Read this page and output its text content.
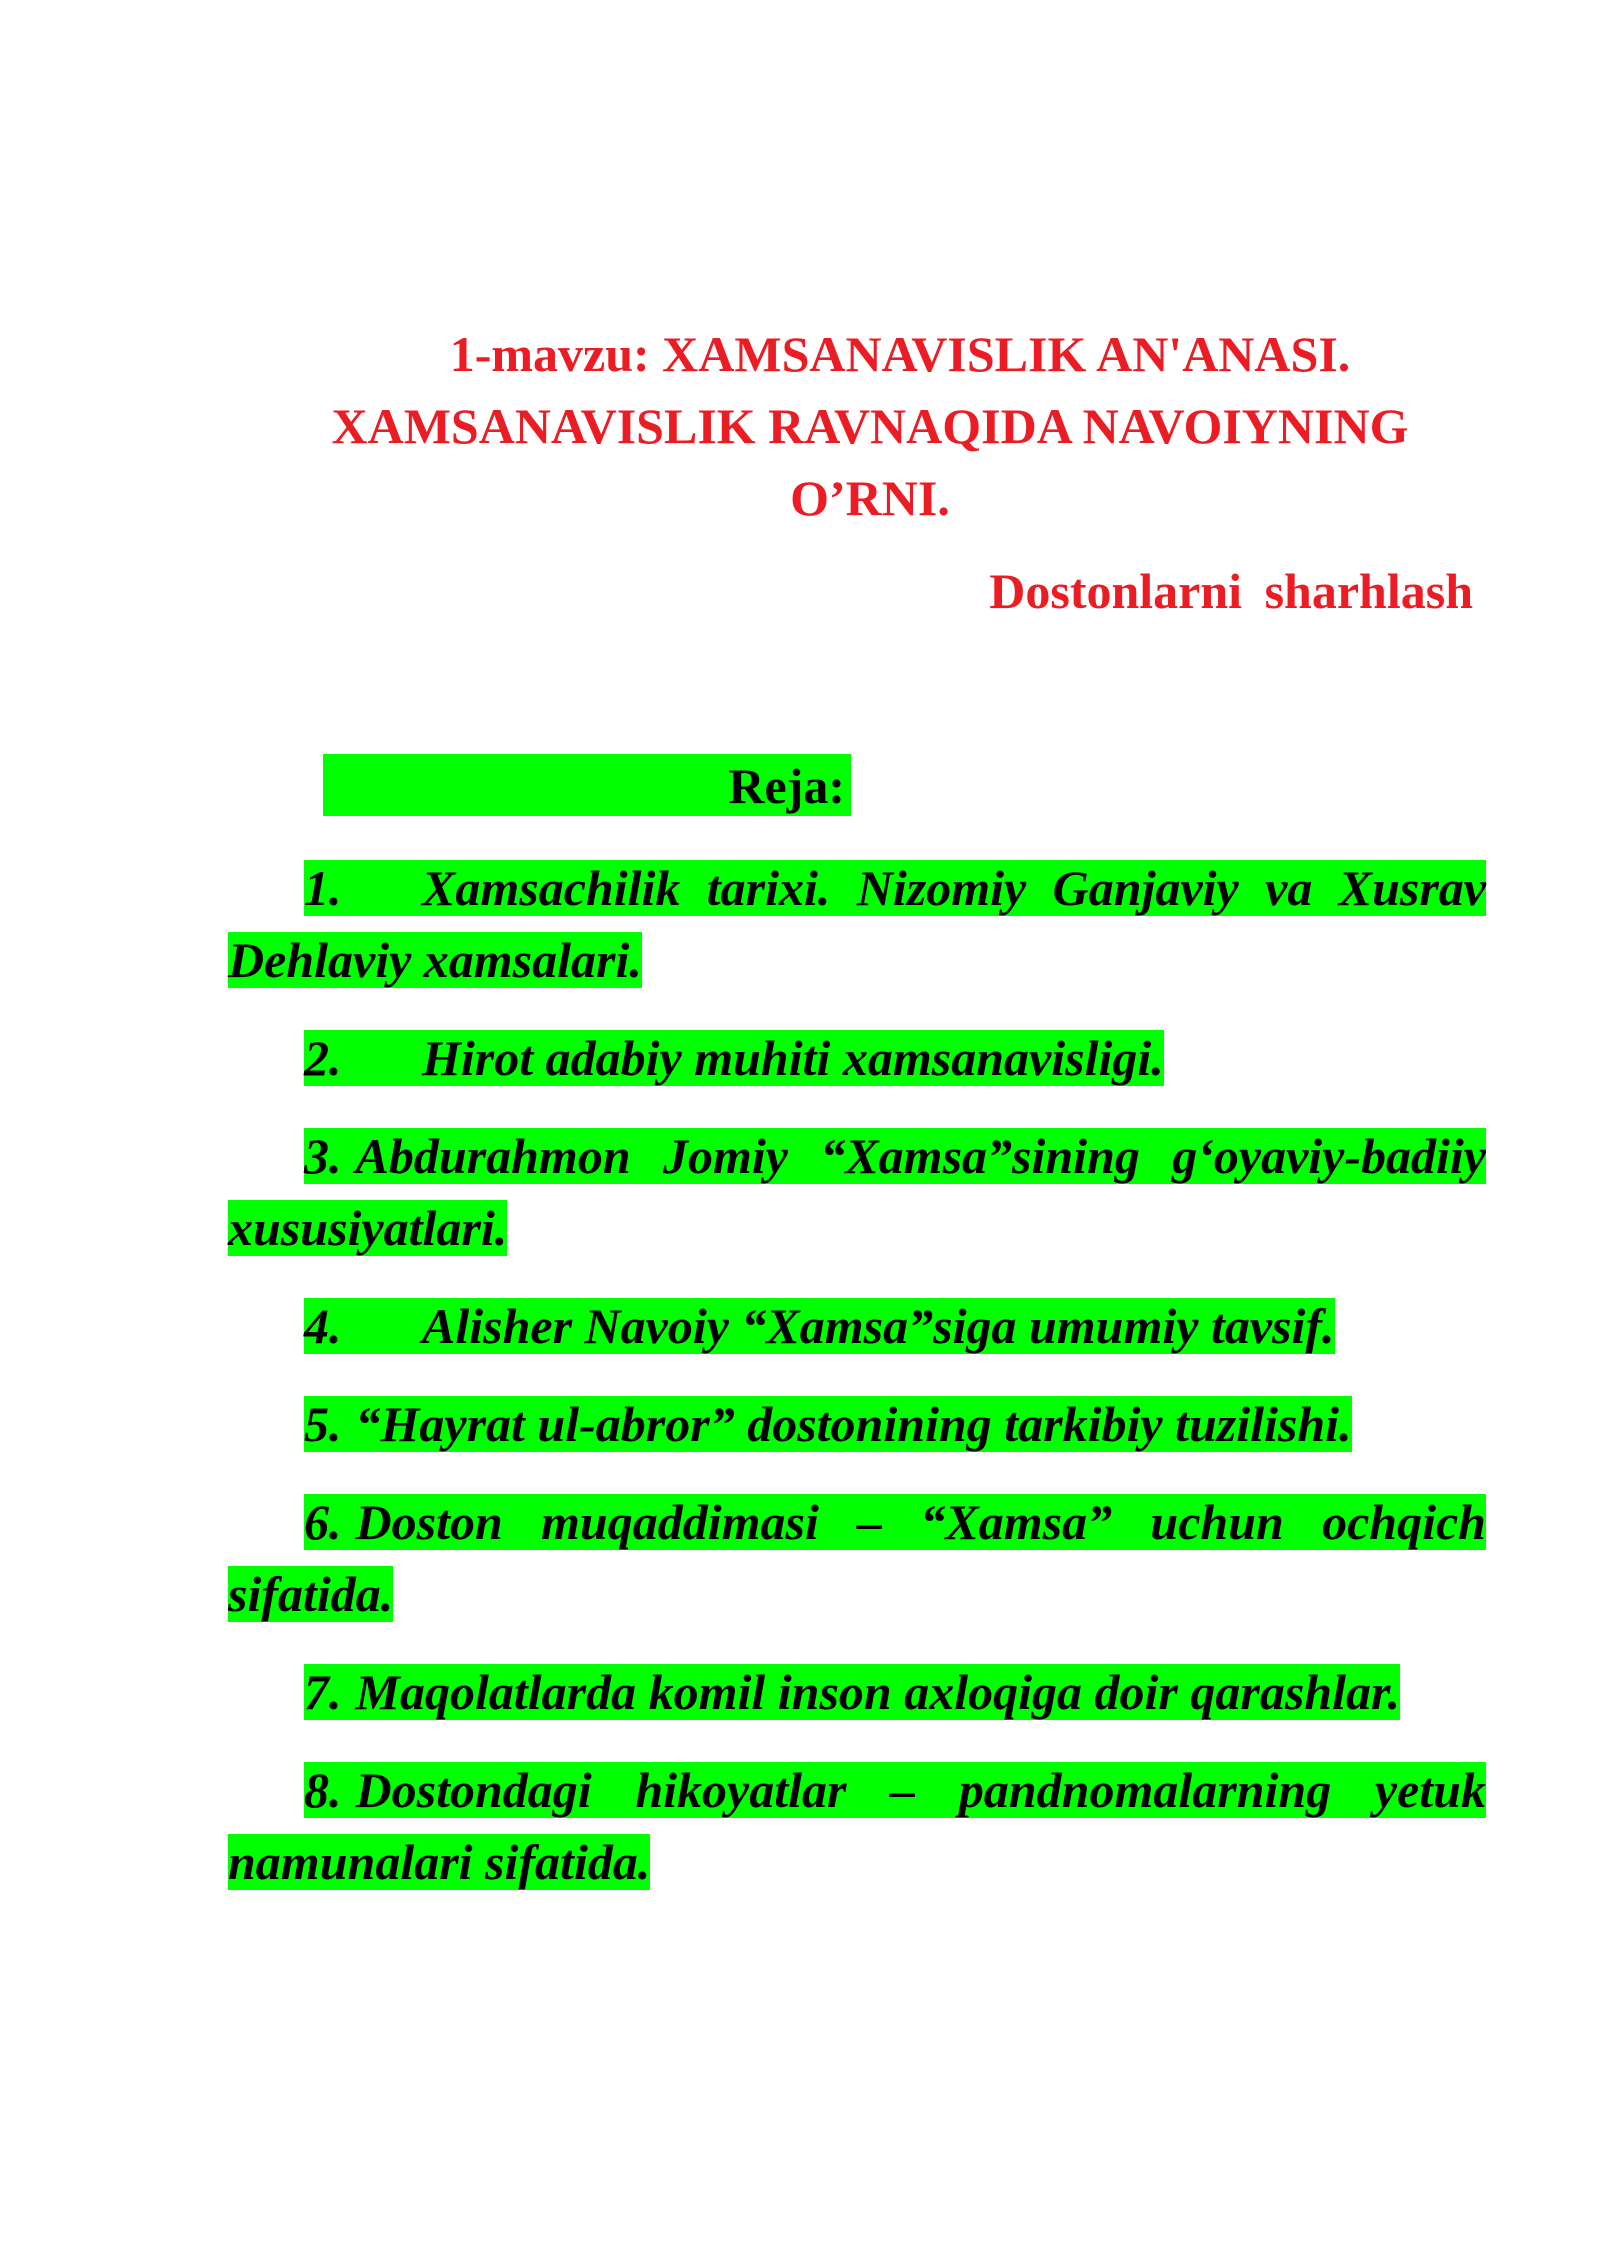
1-mavzu: XAMSANAVISLIK AN'ANASI.
XAMSANAVISLIK RAVNAQIDA NAVOIYNING
O’RNI.

Dostonlarni sharhlash

Reja:

1. Xamsachilik tarixi. Nizomiy Ganjaviy va Xusrav Dehlaviy xamsalari.

2. Hirot adabiy muhiti xamsanavisligi.

3. Abdurahmon Jomiy “Xamsa”sining g‘oyaviy-badiiy xususiyatlari.

4. Alisher Navoiy “Xamsa”siga umumiy tavsif.

5. “Hayrat ul-abror” dostonining tarkibiy tuzilishi.

6. Doston muqaddimasi – “Xamsa” uchun ochqich sifatida.

7. Maqolatlarda komil inson axloqiga doir qarashlar.

8. Dostondagi hikoyatlar – pandnomalarning yetuk namunalari sifatida.
